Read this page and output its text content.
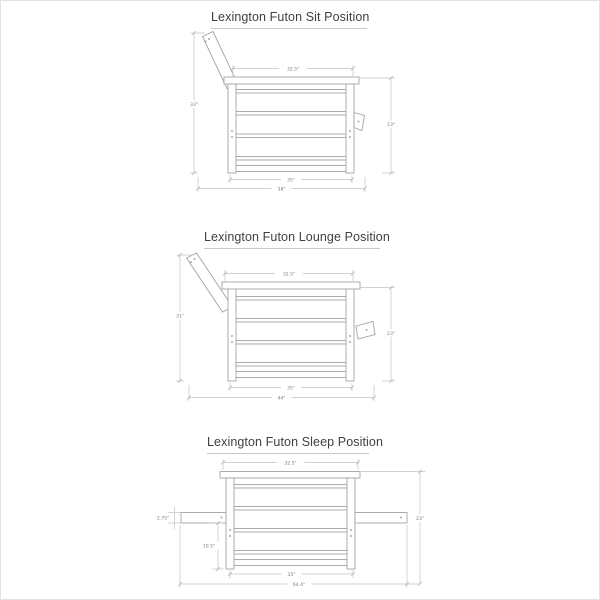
Lexington Futon Sit Position
Lexington Futon Lounge Position
Lexington Futon Sleep Position
33"
32.5"
23"
35"
38"
31"
32.5"
23"
35"
44"
32.5"
2.75"
10.5"
23"
35"
64.4"
